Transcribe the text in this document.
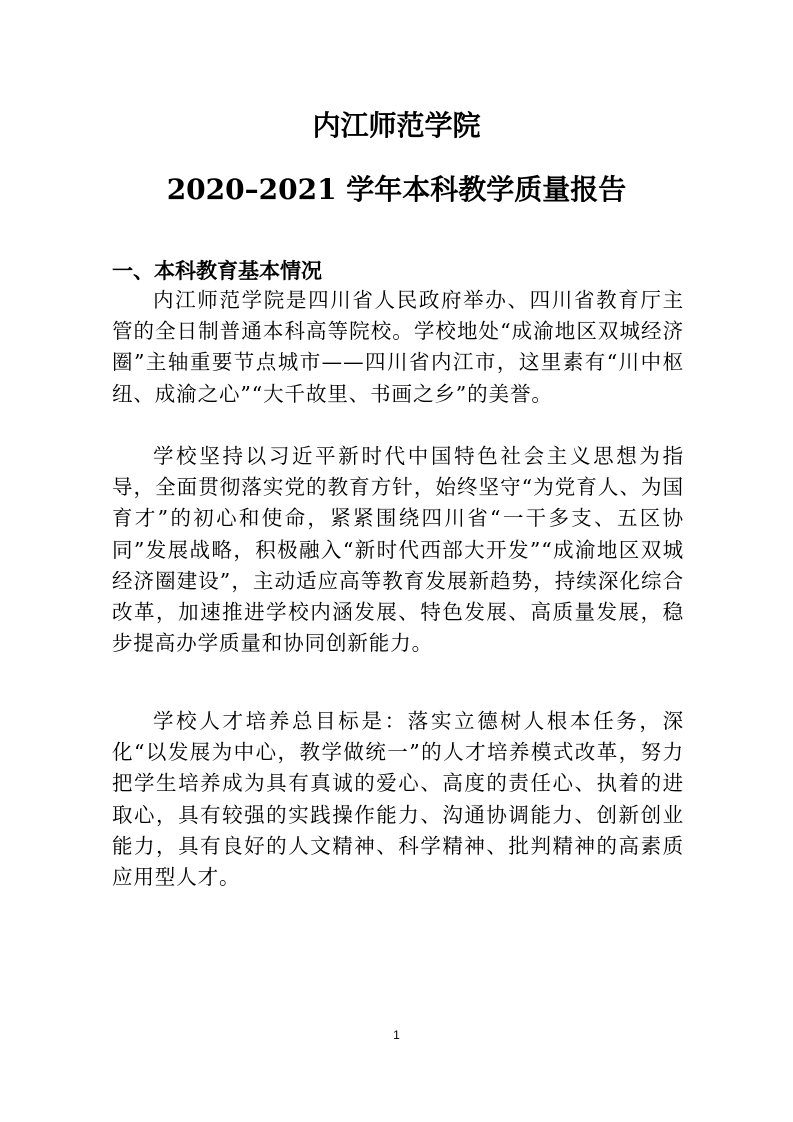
内江师范学院
2020–2021 学年本科教学质量报告
一、本科教育基本情况

内江师范学院是四川省人民政府举办、四川省教育厅主管的全日制普通本科高等院校。学校地处“成渝地区双城经济圈”主轴重要节点城市——四川省内江市，这里素有“川中枢纽、成渝之心”“大千故里、书画之乡”的美誉。

学校坚持以习近平新时代中国特色社会主义思想为指导，全面贯彻落实党的教育方针，始终坚守“为党育人、为国育才”的初心和使命，紧紧围绕四川省“一干多支、五区协同”发展战略，积极融入“新时代西部大开发”“成渝地区双城经济圈建设”，主动适应高等教育发展新趋势，持续深化综合改革，加速推进学校内涵发展、特色发展、高质量发展，稳步提高办学质量和协同创新能力。

学校人才培养总目标是：落实立德树人根本任务，深化“以发展为中心，教学做统一”的人才培养模式改革，努力把学生培养成为具有真诚的爱心、高度的责任心、执着的进取心，具有较强的实践操作能力、沟通协调能力、创新创业能力，具有良好的人文精神、科学精神、批判精神的高素质应用型人才。

1
